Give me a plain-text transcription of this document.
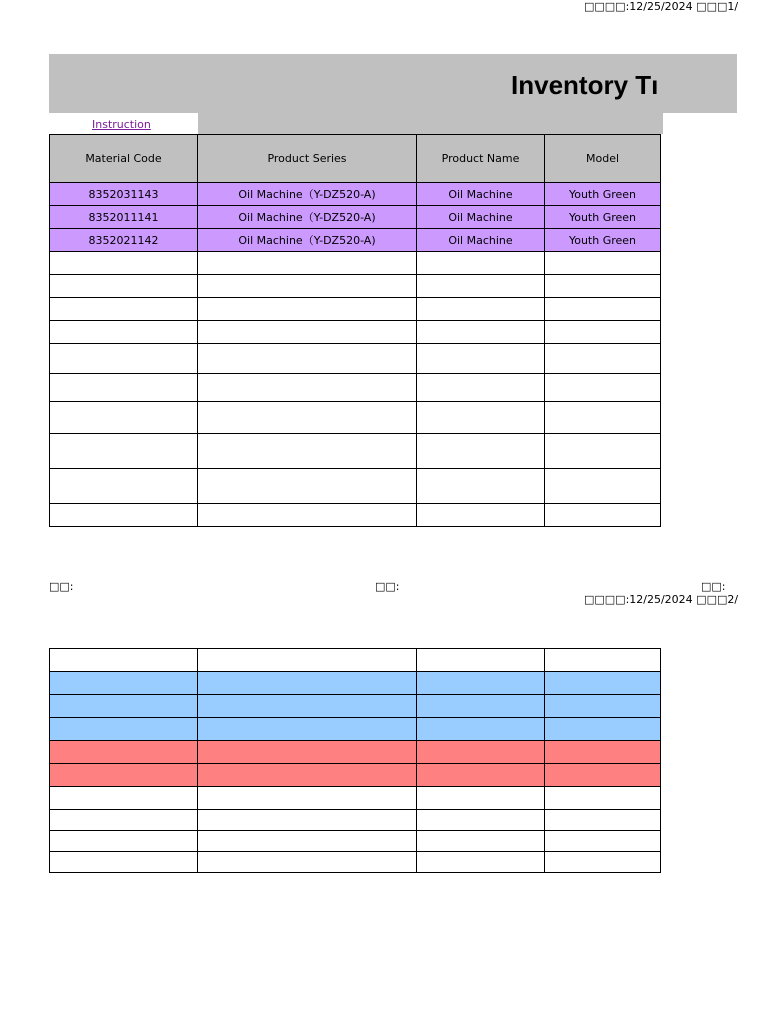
□□□□:12/25/2024 □□□1/
Inventory Tı
Instruction
Material Code	Product Series	Product Name	Model
8352031143	Oil Machine（Y-DZ520-A)	Oil Machine	Youth Green
8352011141	Oil Machine（Y-DZ520-A)	Oil Machine	Youth Green
8352021142	Oil Machine（Y-DZ520-A)	Oil Machine	Youth Green

□□:	□□:	□□:
□□□□:12/25/2024 □□□2/
